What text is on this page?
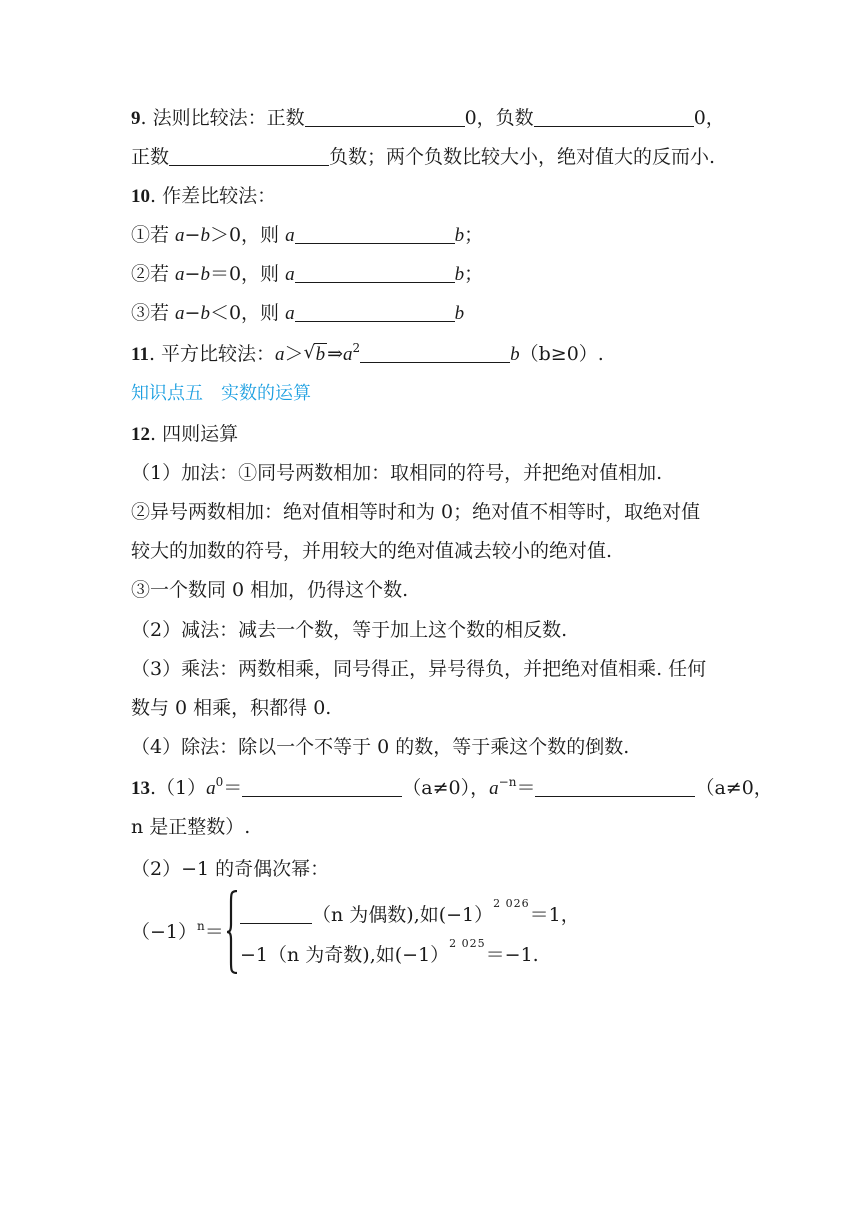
9. 法则比较法：正数	0，负数	0，
正数	负数；两个负数比较大小，绝对值大的反而小.
10. 作差比较法：
①若 a−b＞0，则 a	b；
②若 a−b＝0，则 a	b；
③若 a−b＜0，则 a	b
11. 平方比较法：a＞√ b $\Rightarrow a^2$	b（b≥0）.
知识点五　实数的运算
12. 四则运算
（1）加法：①同号两数相加：取相同的符号，并把绝对值相加.
②异号两数相加：绝对值相等时和为 0；绝对值不相等时，取绝对值
较大的加数的符号，并用较大的绝对值减去较小的绝对值.
③一个数同 0 相加，仍得这个数.
（2）减法：减去一个数，等于加上这个数的相反数.
（3）乘法：两数相乘，同号得正，异号得负，并把绝对值相乘. 任何
数与 0 相乘，积都得 0.
（4）除法：除以一个不等于 0 的数，等于乘这个数的倒数.
$13.(1)a^0=$	（a≠0），$a^{-n}=$	（a≠0，
n 是正整数）.
（2）−1 的奇偶次幂：
$(-1)^n=$
（n 为偶数),如(−1）$^{2 026}$＝1，
−1（n 为奇数),如(−1）$^{2 025}$＝−1.
